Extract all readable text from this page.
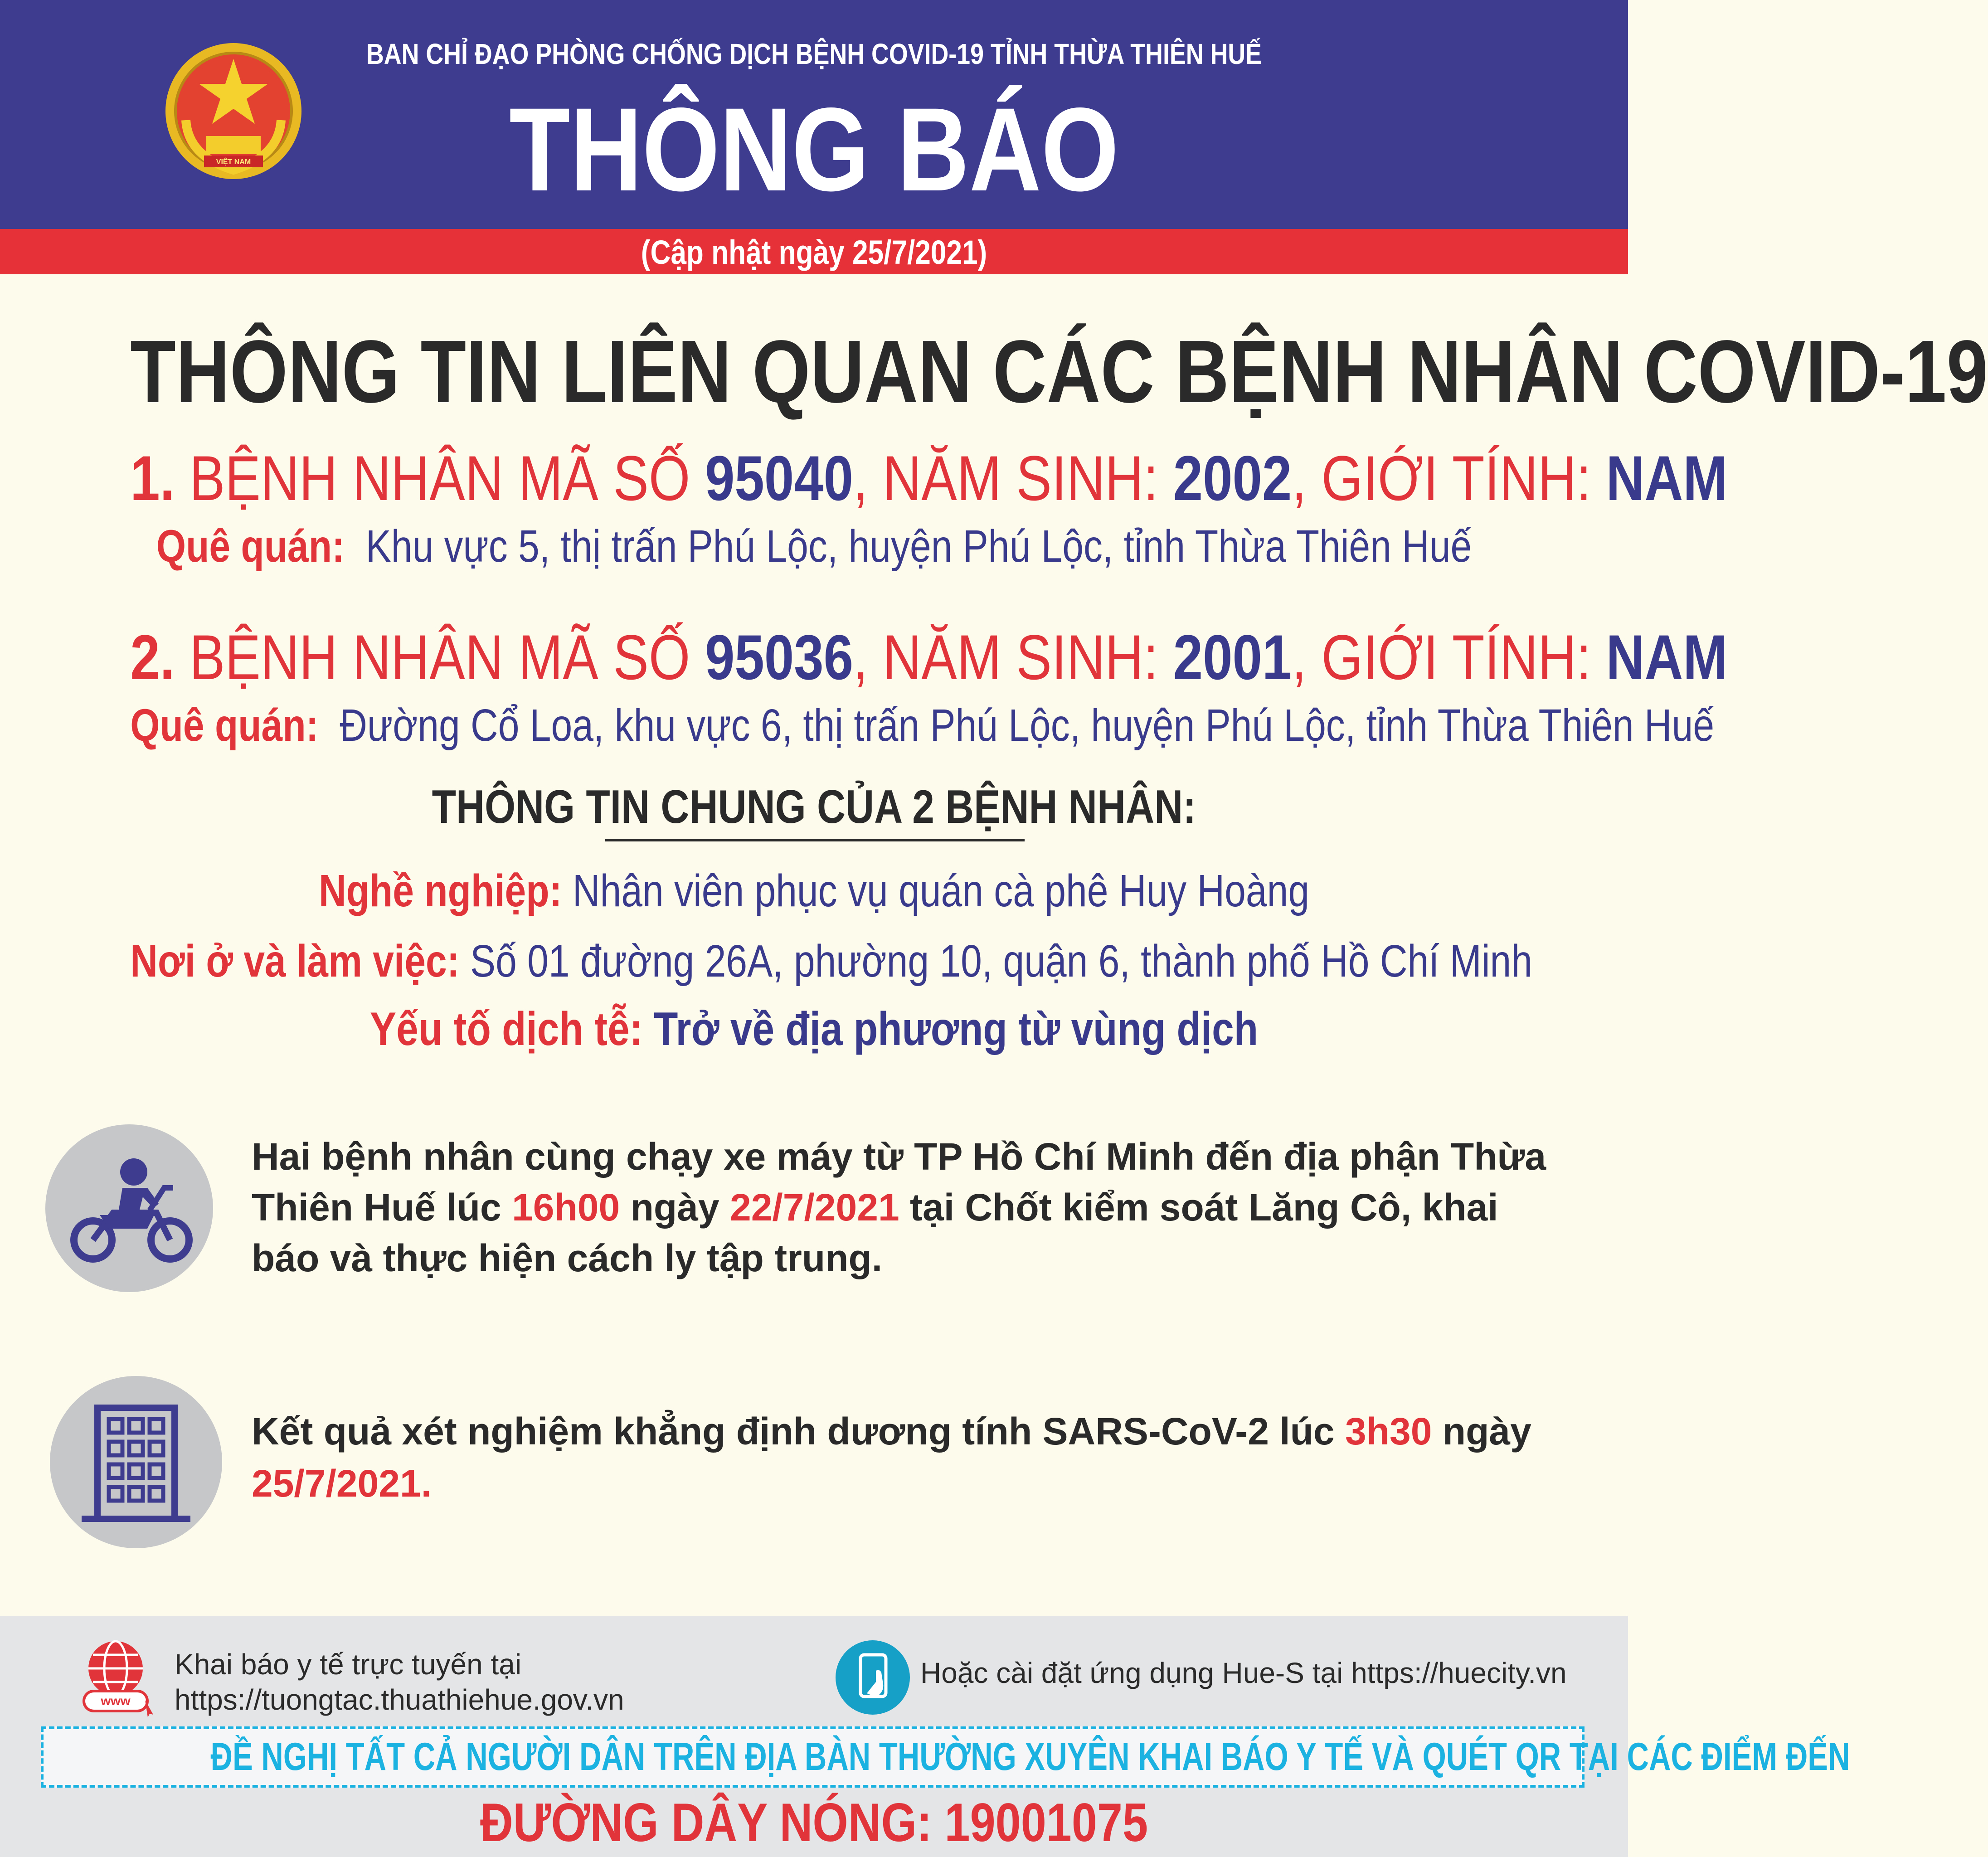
VIỆT NAM
BAN CHỈ ĐẠO PHÒNG CHỐNG DỊCH BỆNH COVID-19 TỈNH THỪA THIÊN HUẾ
THÔNG BÁO
(Cập nhật ngày 25/7/2021)
THÔNG TIN LIÊN QUAN CÁC BỆNH NHÂN COVID-19
1. BỆNH NHÂN MÃ SỐ 95040, NĂM SINH: 2002, GIỚI TÍNH: NAM
Quê quán: Khu vực 5, thị trấn Phú Lộc, huyện Phú Lộc, tỉnh Thừa Thiên Huế
2. BỆNH NHÂN MÃ SỐ 95036, NĂM SINH: 2001, GIỚI TÍNH: NAM
Quê quán: Đường Cổ Loa, khu vực 6, thị trấn Phú Lộc, huyện Phú Lộc, tỉnh Thừa Thiên Huế
THÔNG TIN CHUNG CỦA 2 BỆNH NHÂN:
Nghề nghiệp: Nhân viên phục vụ quán cà phê Huy Hoàng
Nơi ở và làm việc: Số 01 đường 26A, phường 10, quận 6, thành phố Hồ Chí Minh
Yếu tố dịch tễ: Trở về địa phương từ vùng dịch
Hai bệnh nhân cùng chạy xe máy từ TP Hồ Chí Minh đến địa phận Thừa
Thiên Huế lúc 16h00 ngày 22/7/2021 tại Chốt kiểm soát Lăng Cô, khai
báo và thực hiện cách ly tập trung.
Kết quả xét nghiệm khẳng định dương tính SARS-CoV-2 lúc 3h30 ngày
25/7/2021.
www
Khai báo y tế trực tuyến tại
https://tuongtac.thuathiehue.gov.vn
Hoặc cài đặt ứng dụng Hue-S tại https://huecity.vn
ĐỀ NGHỊ TẤT CẢ NGƯỜI DÂN TRÊN ĐỊA BÀN THƯỜNG XUYÊN KHAI BÁO Y TẾ VÀ QUÉT QR TẠI CÁC ĐIỂM ĐẾN
ĐƯỜNG DÂY NÓNG: 19001075
